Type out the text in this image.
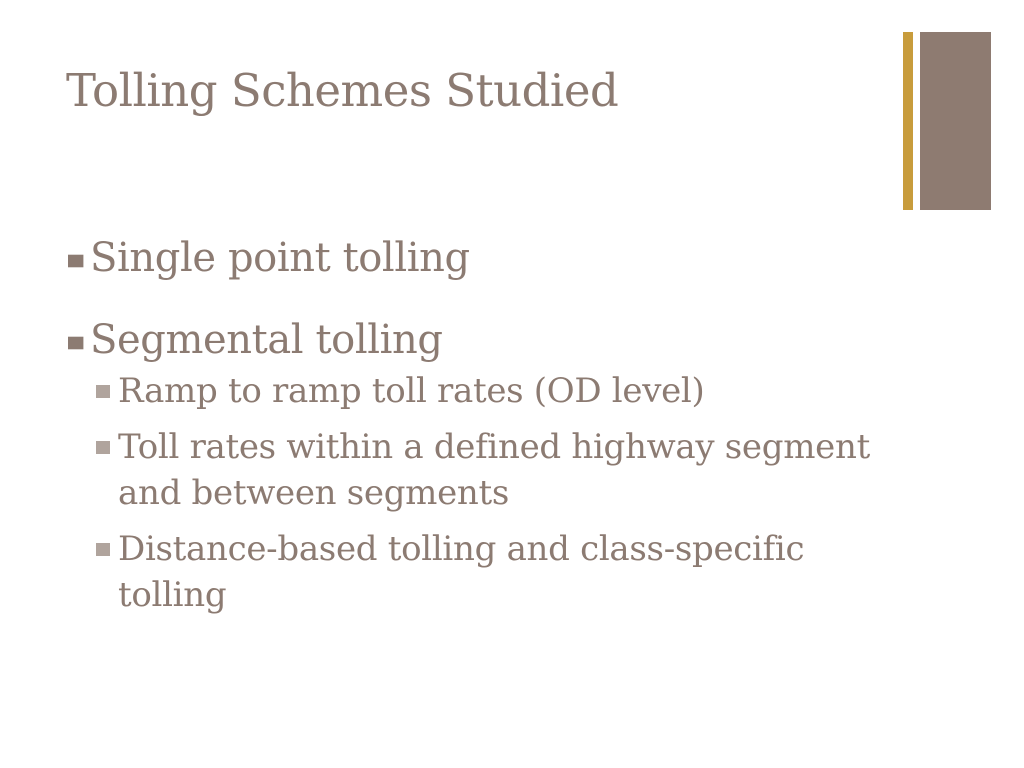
Tolling Schemes Studied
Single point tolling
Segmental tolling
Ramp to ramp toll rates (OD level)
Toll rates within a defined highway segment and between segments
Distance-based tolling and class-specific tolling
